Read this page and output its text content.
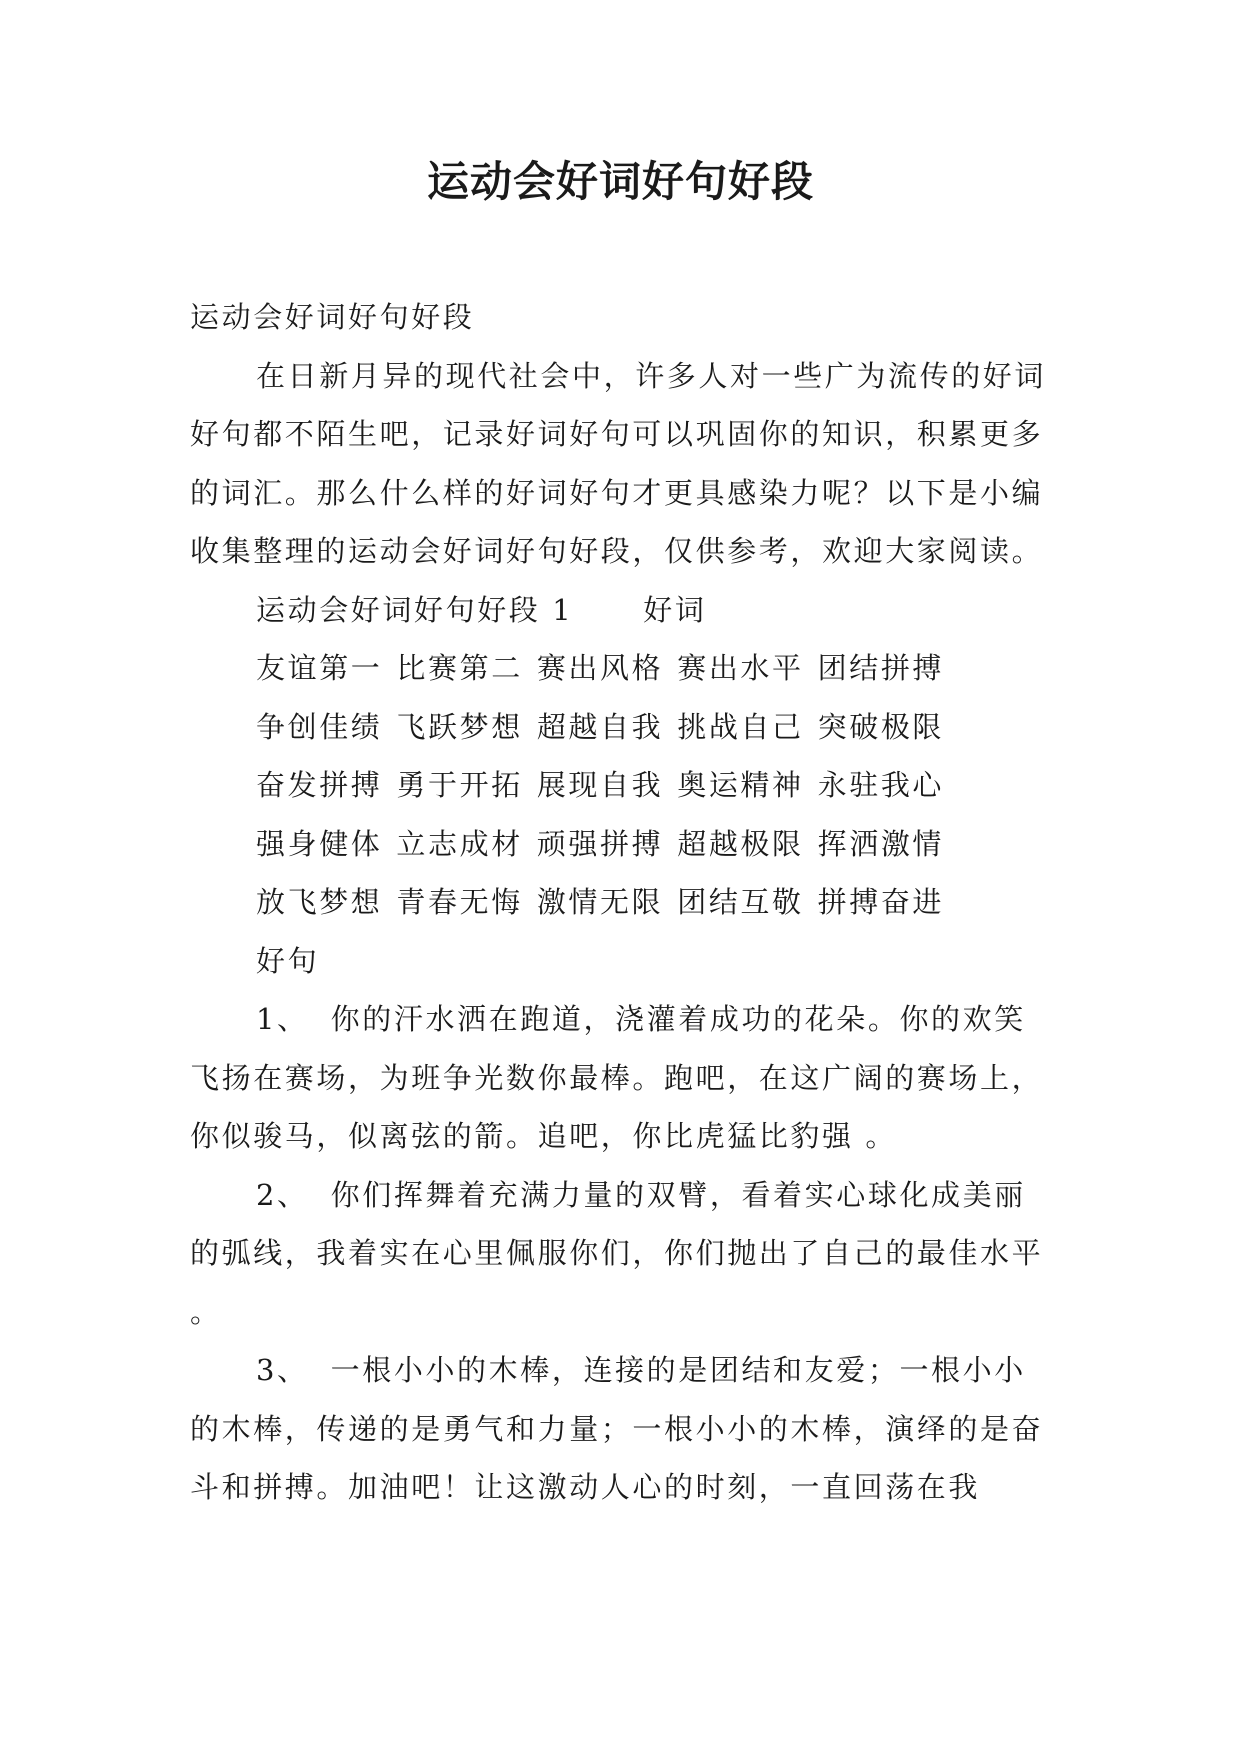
运动会好词好句好段

运动会好词好句好段

在日新月异的现代社会中，许多人对一些广为流传的好词好句都不陌生吧，记录好词好句可以巩固你的知识，积累更多的词汇。那么什么样的好词好句才更具感染力呢？以下是小编收集整理的运动会好词好句好段，仅供参考，欢迎大家阅读。

运动会好词好句好段 1 好词

友谊第一 比赛第二 赛出风格 赛出水平 团结拼搏

争创佳绩 飞跃梦想 超越自我 挑战自己 突破极限

奋发拼搏 勇于开拓 展现自我 奥运精神 永驻我心

强身健体 立志成材 顽强拼搏 超越极限 挥洒激情

放飞梦想 青春无悔 激情无限 团结互敬 拼搏奋进

好句

1、 你的汗水洒在跑道，浇灌着成功的花朵。你的欢笑飞扬在赛场，为班争光数你最棒。跑吧，在这广阔的赛场上，你似骏马，似离弦的箭。追吧，你比虎猛比豹强 。

2、 你们挥舞着充满力量的双臂，看着实心球化成美丽的弧线，我着实在心里佩服你们，你们抛出了自己的最佳水平 。

3、 一根小小的木棒，连接的是团结和友爱；一根小小的木棒，传递的是勇气和力量；一根小小的木棒，演绎的是奋斗和拼搏。加油吧！让这激动人心的时刻，一直回荡在我
